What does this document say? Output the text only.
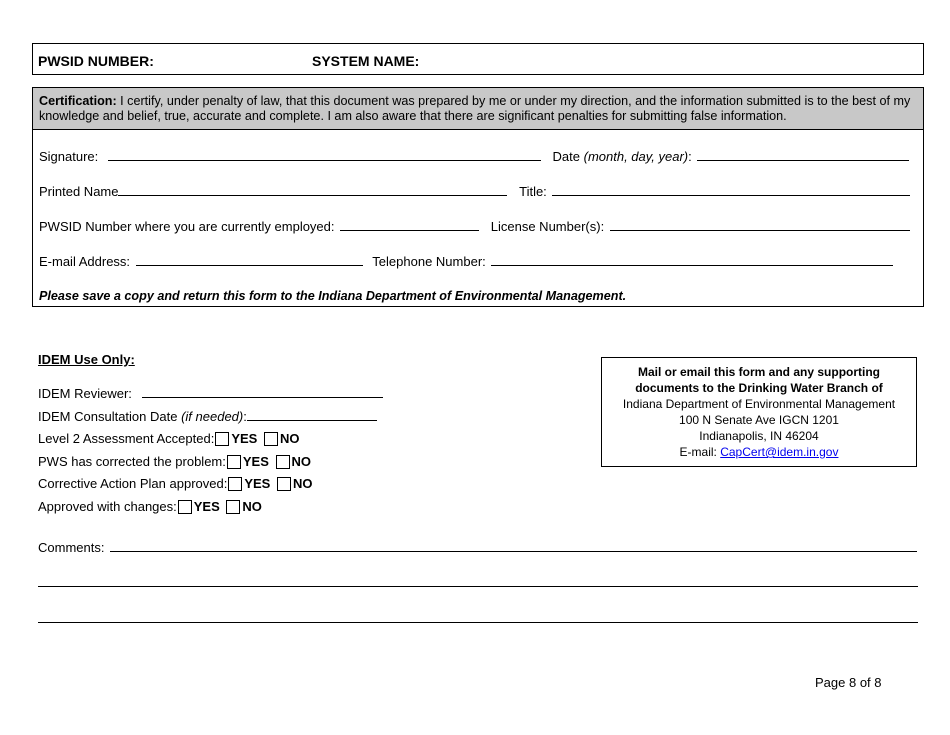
PWSID NUMBER:	SYSTEM NAME:
Certification: I certify, under penalty of law, that this document was prepared by me or under my direction, and the information submitted is to the best of my knowledge and belief, true, accurate and complete. I am also aware that there are significant penalties for submitting false information.
Signature:	Date (month, day, year):
Printed Name	Title:
PWSID Number where you are currently employed:	License Number(s):
E-mail Address:	Telephone Number:
Please save a copy and return this form to the Indiana Department of Environmental Management.
IDEM Use Only:
IDEM Reviewer:
IDEM Consultation Date (if needed):
Level 2 Assessment Accepted: YES NO
PWS has corrected the problem: YES NO
Corrective Action Plan approved: YES NO
Approved with changes: YES NO
Mail or email this form and any supporting
documents to the Drinking Water Branch of
Indiana Department of Environmental Management
100 N Senate Ave IGCN 1201
Indianapolis, IN 46204
E-mail: CapCert@idem.in.gov
Comments:
Page 8 of 8
